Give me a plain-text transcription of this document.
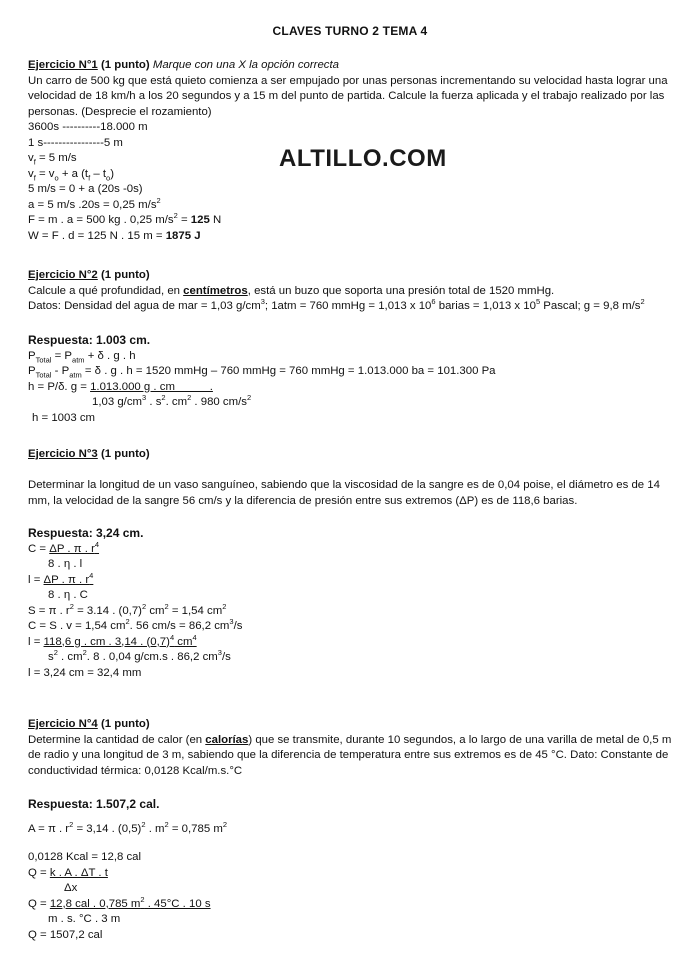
CLAVES TURNO 2 TEMA 4
ALTILLO.COM
Ejercicio N°1 (1 punto) Marque con una X la opción correcta
Un carro de 500 kg que está quieto comienza a ser empujado por unas personas incrementando su velocidad hasta lograr una velocidad de 18 km/h a los 20 segundos y a 15 m del punto de partida. Calcule la fuerza aplicada y el trabajo realizado por las personas. (Desprecie el rozamiento)
3600s ----------18.000 m
1 s----------------5 m
$v_f = 5$ m/s
$v_f = v_o + a$ $(t_f - t_o)$
5 m/s = 0 + a (20s -0s)
a = 5 m/s .20s = 0,25 $m/s^2$
F = m . a = 500 kg . 0,25 $m/s^2 = 125$ N
W = F . d = 125 N . 15 m = 1875 J
Ejercicio N°2 (1 punto)
Calcule a qué profundidad, en centímetros, está un buzo que soporta una presión total de 1520 mmHg.
Datos: Densidad del agua de mar = 1,03 $g/cm^3$; 1atm = 760 mmHg = 1,013 x $10^6$ barias = 1,013 x $10^5$ Pascal; g = 9,8 $m/s^2$
Respuesta: 1.003 cm.
$P_{Total} = P_{atm} + \delta$ . g . h
$P_{Total} - P_{atm} = \delta$ . g . h = 1520 mmHg – 760 mmHg = 760 mmHg = 1.013.000 ba = 101.300 Pa
h = P/δ. g = 1.013.000 g . cm           .
1,03 $g/cm^3$ . $s^2$. $cm^2$ . 980 $cm/s^2$
h = 1003 cm
Ejercicio N°3 (1 punto)
Determinar la longitud de un vaso sanguíneo, sabiendo que la viscosidad de la sangre es de 0,04 poise, el diámetro es de 14 mm, la velocidad de la sangre 56 cm/s y la diferencia de presión entre sus extremos (ΔP) es de 118,6 barias.
Respuesta: 3,24 cm.
C = ΔP . π . $r^4$
8 . η . l
l = ΔP . π . $r^4$
8 . η . C
S = π . $r^2 = 3.14$ . $(0,7)^2$ $cm^2 = 1,54$ $cm^2$
C = S . v = 1,54 $cm^2$. 56 cm/s = 86,2 $cm^3/s$
l = 118,6 g . cm . 3,14 . $(0,7)^4$ $cm^4$
$s^2$ . $cm^2$. 8 . 0,04 g/cm.s . 86,2 $cm^3/s$
l = 3,24 cm = 32,4 mm
Ejercicio N°4 (1 punto)
Determine la cantidad de calor (en calorías) que se transmite, durante 10 segundos, a lo largo de una varilla de metal de 0,5 m de radio y una longitud de 3 m, sabiendo que la diferencia de temperatura entre sus extremos es de 45 °C. Dato: Constante de conductividad térmica: 0,0128 Kcal/m.s.°C
Respuesta: 1.507,2 cal.
A = π . $r^2 = 3,14$ . $(0,5)^2$ . $m^2 = 0,785$ $m^2$
0,0128 Kcal = 12,8 cal
Q = k . A . ΔT . t
Δx
Q = 12,8 cal . 0,785 $m^2$ . 45°C . 10 s
m . s. °C . 3 m
Q = 1507,2 cal
